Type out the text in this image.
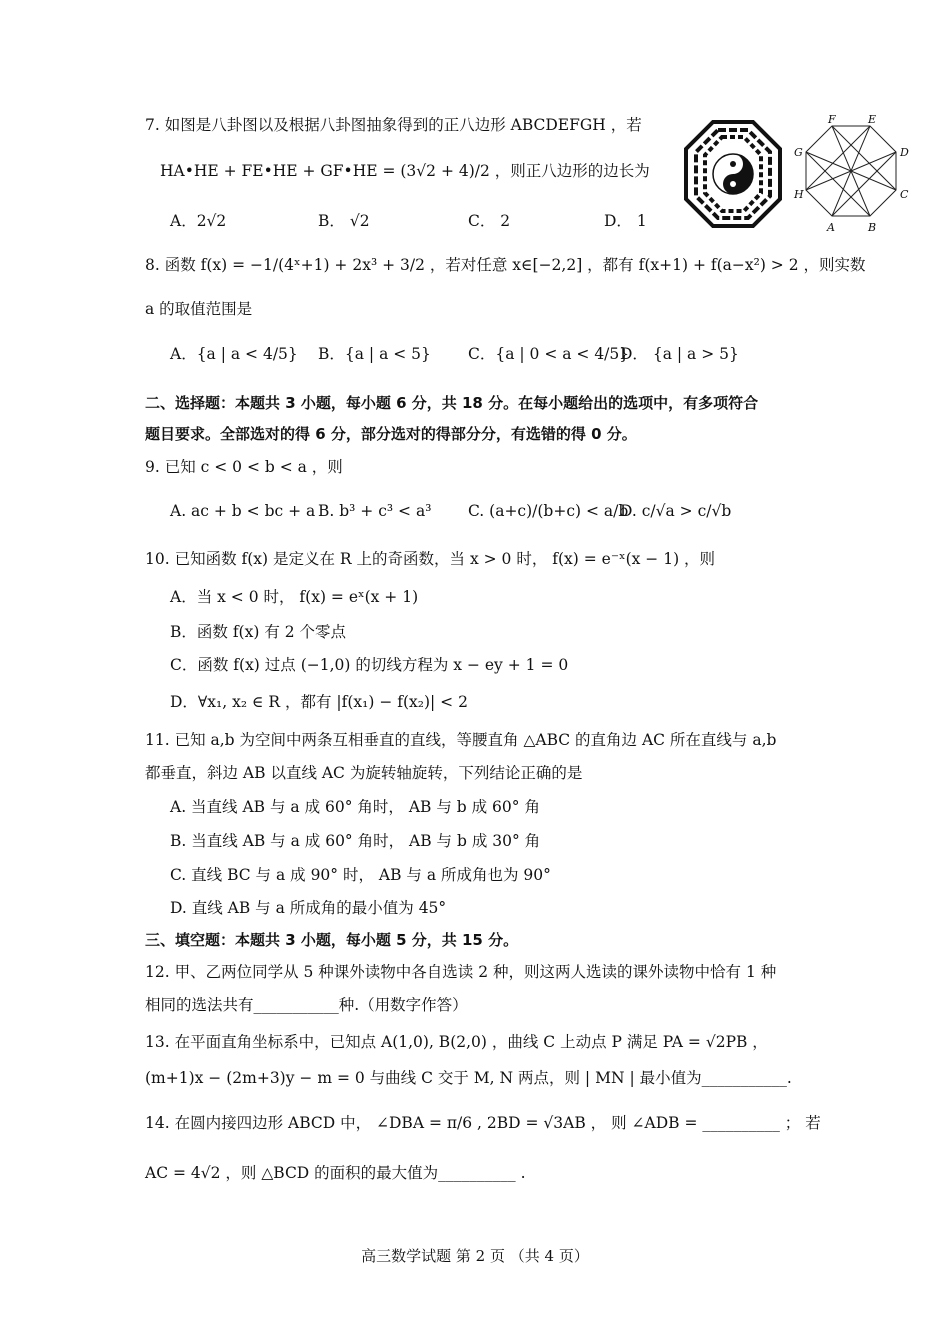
7. 如图是八卦图以及根据八卦图抽象得到的正八边形 ABCDEFGH ，若
HA•HE + FE•HE + GF•HE = (3√2 + 4)/2 ，则正八边形的边长为
A．2√2	B． √2	C． 2	D． 1
F	E
G	D
H	C
A	B
8. 函数 f(x) = −1/(4ˣ+1) + 2x³ + 3/2 ，若对任意 x∈[−2,2] ，都有 f(x+1) + f(a−x²) > 2 ，则实数
a 的取值范围是
A．{a | a < 4/5} B．{a | a < 5} C．{a | 0 < a < 4/5}
D． {a | a > 5}
二、选择题：本题共 3 小题，每小题 6 分，共 18 分。在每小题给出的选项中，有多项符合
题目要求。全部选对的得 6 分，部分选对的得部分分，有选错的得 0 分。
9. 已知 c < 0 < b < a ，则
A. ac + b < bc + a B. b³ + c³ < a³ C. (a+c)/(b+c) < a/b
D. c/√a > c/√b
10. 已知函数 f(x) 是定义在 R 上的奇函数，当 x > 0 时， f(x) = e⁻ˣ(x − 1) ，则
A．当 x < 0 时， f(x) = eˣ(x + 1)
B．函数 f(x) 有 2 个零点
C．函数 f(x) 过点 (−1,0) 的切线方程为 x − ey + 1 = 0
D．∀x₁, x₂ ∈ R ，都有 |f(x₁) − f(x₂)| < 2
11. 已知 a,b 为空间中两条互相垂直的直线，等腰直角 △ABC 的直角边 AC 所在直线与 a,b
都垂直，斜边 AB 以直线 AC 为旋转轴旋转，下列结论正确的是
A. 当直线 AB 与 a 成 60° 角时， AB 与 b 成 60° 角
B. 当直线 AB 与 a 成 60° 角时， AB 与 b 成 30° 角
C. 直线 BC 与 a 成 90° 时， AB 与 a 所成角也为 90°
D. 直线 AB 与 a 所成角的最小值为 45°
三、填空题：本题共 3 小题，每小题 5 分，共 15 分。
12. 甲、乙两位同学从 5 种课外读物中各自选读 2 种，则这两人选读的课外读物中恰有 1 种
相同的选法共有___________种.（用数字作答）
13. 在平面直角坐标系中，已知点 A(1,0), B(2,0) ，曲线 C 上动点 P 满足 PA = √2PB ，
(m+1)x − (2m+3)y − m = 0 与曲线 C 交于 M, N 两点，则 | MN | 最小值为___________.
14. 在圆内接四边形 ABCD 中， ∠DBA = π/6 , 2BD = √3AB ， 则 ∠ADB = __________ ； 若
AC = 4√2 ，则 △BCD 的面积的最大值为__________ .
高三数学试题 第 2 页 （共 4 页）
